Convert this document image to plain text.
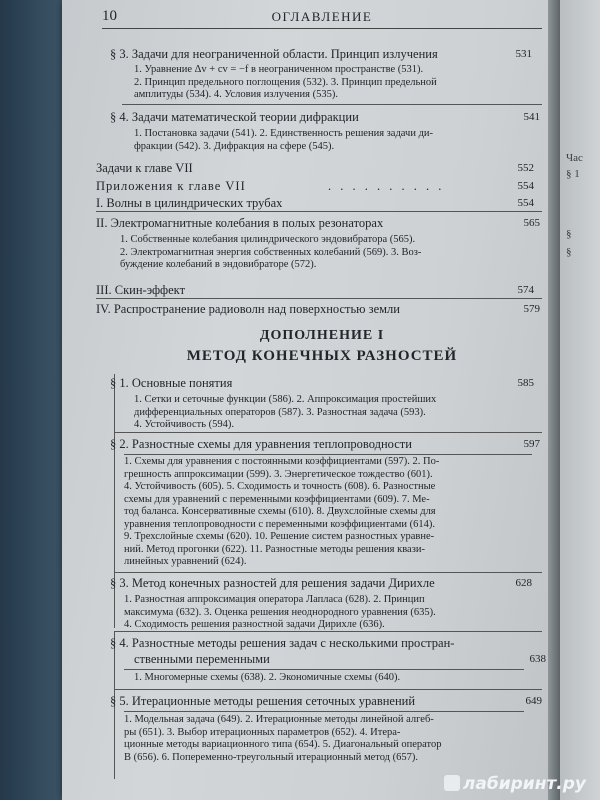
10	ОГЛАВЛЕНИЕ
§ 3. Задачи для неограниченной области. Принцип излучения	531
1. Уравнение Δv + cv = −f в неограниченном пространстве (531).
2. Принцип предельного поглощения (532). 3. Принцип предельной
амплитуды (534). 4. Условия излучения (535).
§ 4. Задачи математической теории дифракции	541
1. Постановка задачи (541). 2. Единственность решения задачи ди-
фракции (542). 3. Дифракция на сфере (545).
Задачи к главе VII	552
Приложения к главе VII	. . . . . . . . . .	554
I. Волны в цилиндрических трубах	554
II. Электромагнитные колебания в полых резонаторах	565
1. Собственные колебания цилиндрического эндовибратора (565).
2. Электромагнитная энергия собственных колебаний (569). 3. Воз-
буждение колебаний в эндовибраторе (572).
III. Скин-эффект	574
IV. Распространение радиоволн над поверхностью земли	579
ДОПОЛНЕНИЕ I
МЕТОД КОНЕЧНЫХ РАЗНОСТЕЙ
§ 1. Основные понятия	585
1. Сетки и сеточные функции (586). 2. Аппроксимация простейших
дифференциальных операторов (587). 3. Разностная задача (593).
4. Устойчивость (594).
§ 2. Разностные схемы для уравнения теплопроводности	597
1. Схемы для уравнения с постоянными коэффициентами (597). 2. По-
грешность аппроксимации (599). 3. Энергетическое тождество (601).
4. Устойчивость (605). 5. Сходимость и точность (608). 6. Разностные
схемы для уравнений с переменными коэффициентами (609). 7. Ме-
тод баланса. Консервативные схемы (610). 8. Двухслойные схемы для
уравнения теплопроводности с переменными коэффициентами (614).
9. Трехслойные схемы (620). 10. Решение систем разностных уравне-
ний. Метод прогонки (622). 11. Разностные методы решения квази-
линейных уравнений (624).
§ 3. Метод конечных разностей для решения задачи Дирихле	628
1. Разностная аппроксимация оператора Лапласа (628). 2. Принцип
максимума (632). 3. Оценка решения неоднородного уравнения (635).
4. Сходимость решения разностной задачи Дирихле (636).
§ 4. Разностные методы решения задач с несколькими простран-
ственными переменными	638
1. Многомерные схемы (638). 2. Экономичные схемы (640).
§ 5. Итерационные методы решения сеточных уравнений	649
1. Модельная задача (649). 2. Итерационные методы линейной алгеб-
ры (651). 3. Выбор итерационных параметров (652). 4. Итера-
ционные методы вариационного типа (654). 5. Диагональный оператор
B (656). 6. Попеременно-треугольный итерационный метод (657).
Час
§ 1
§
§
лабиринт.ру
